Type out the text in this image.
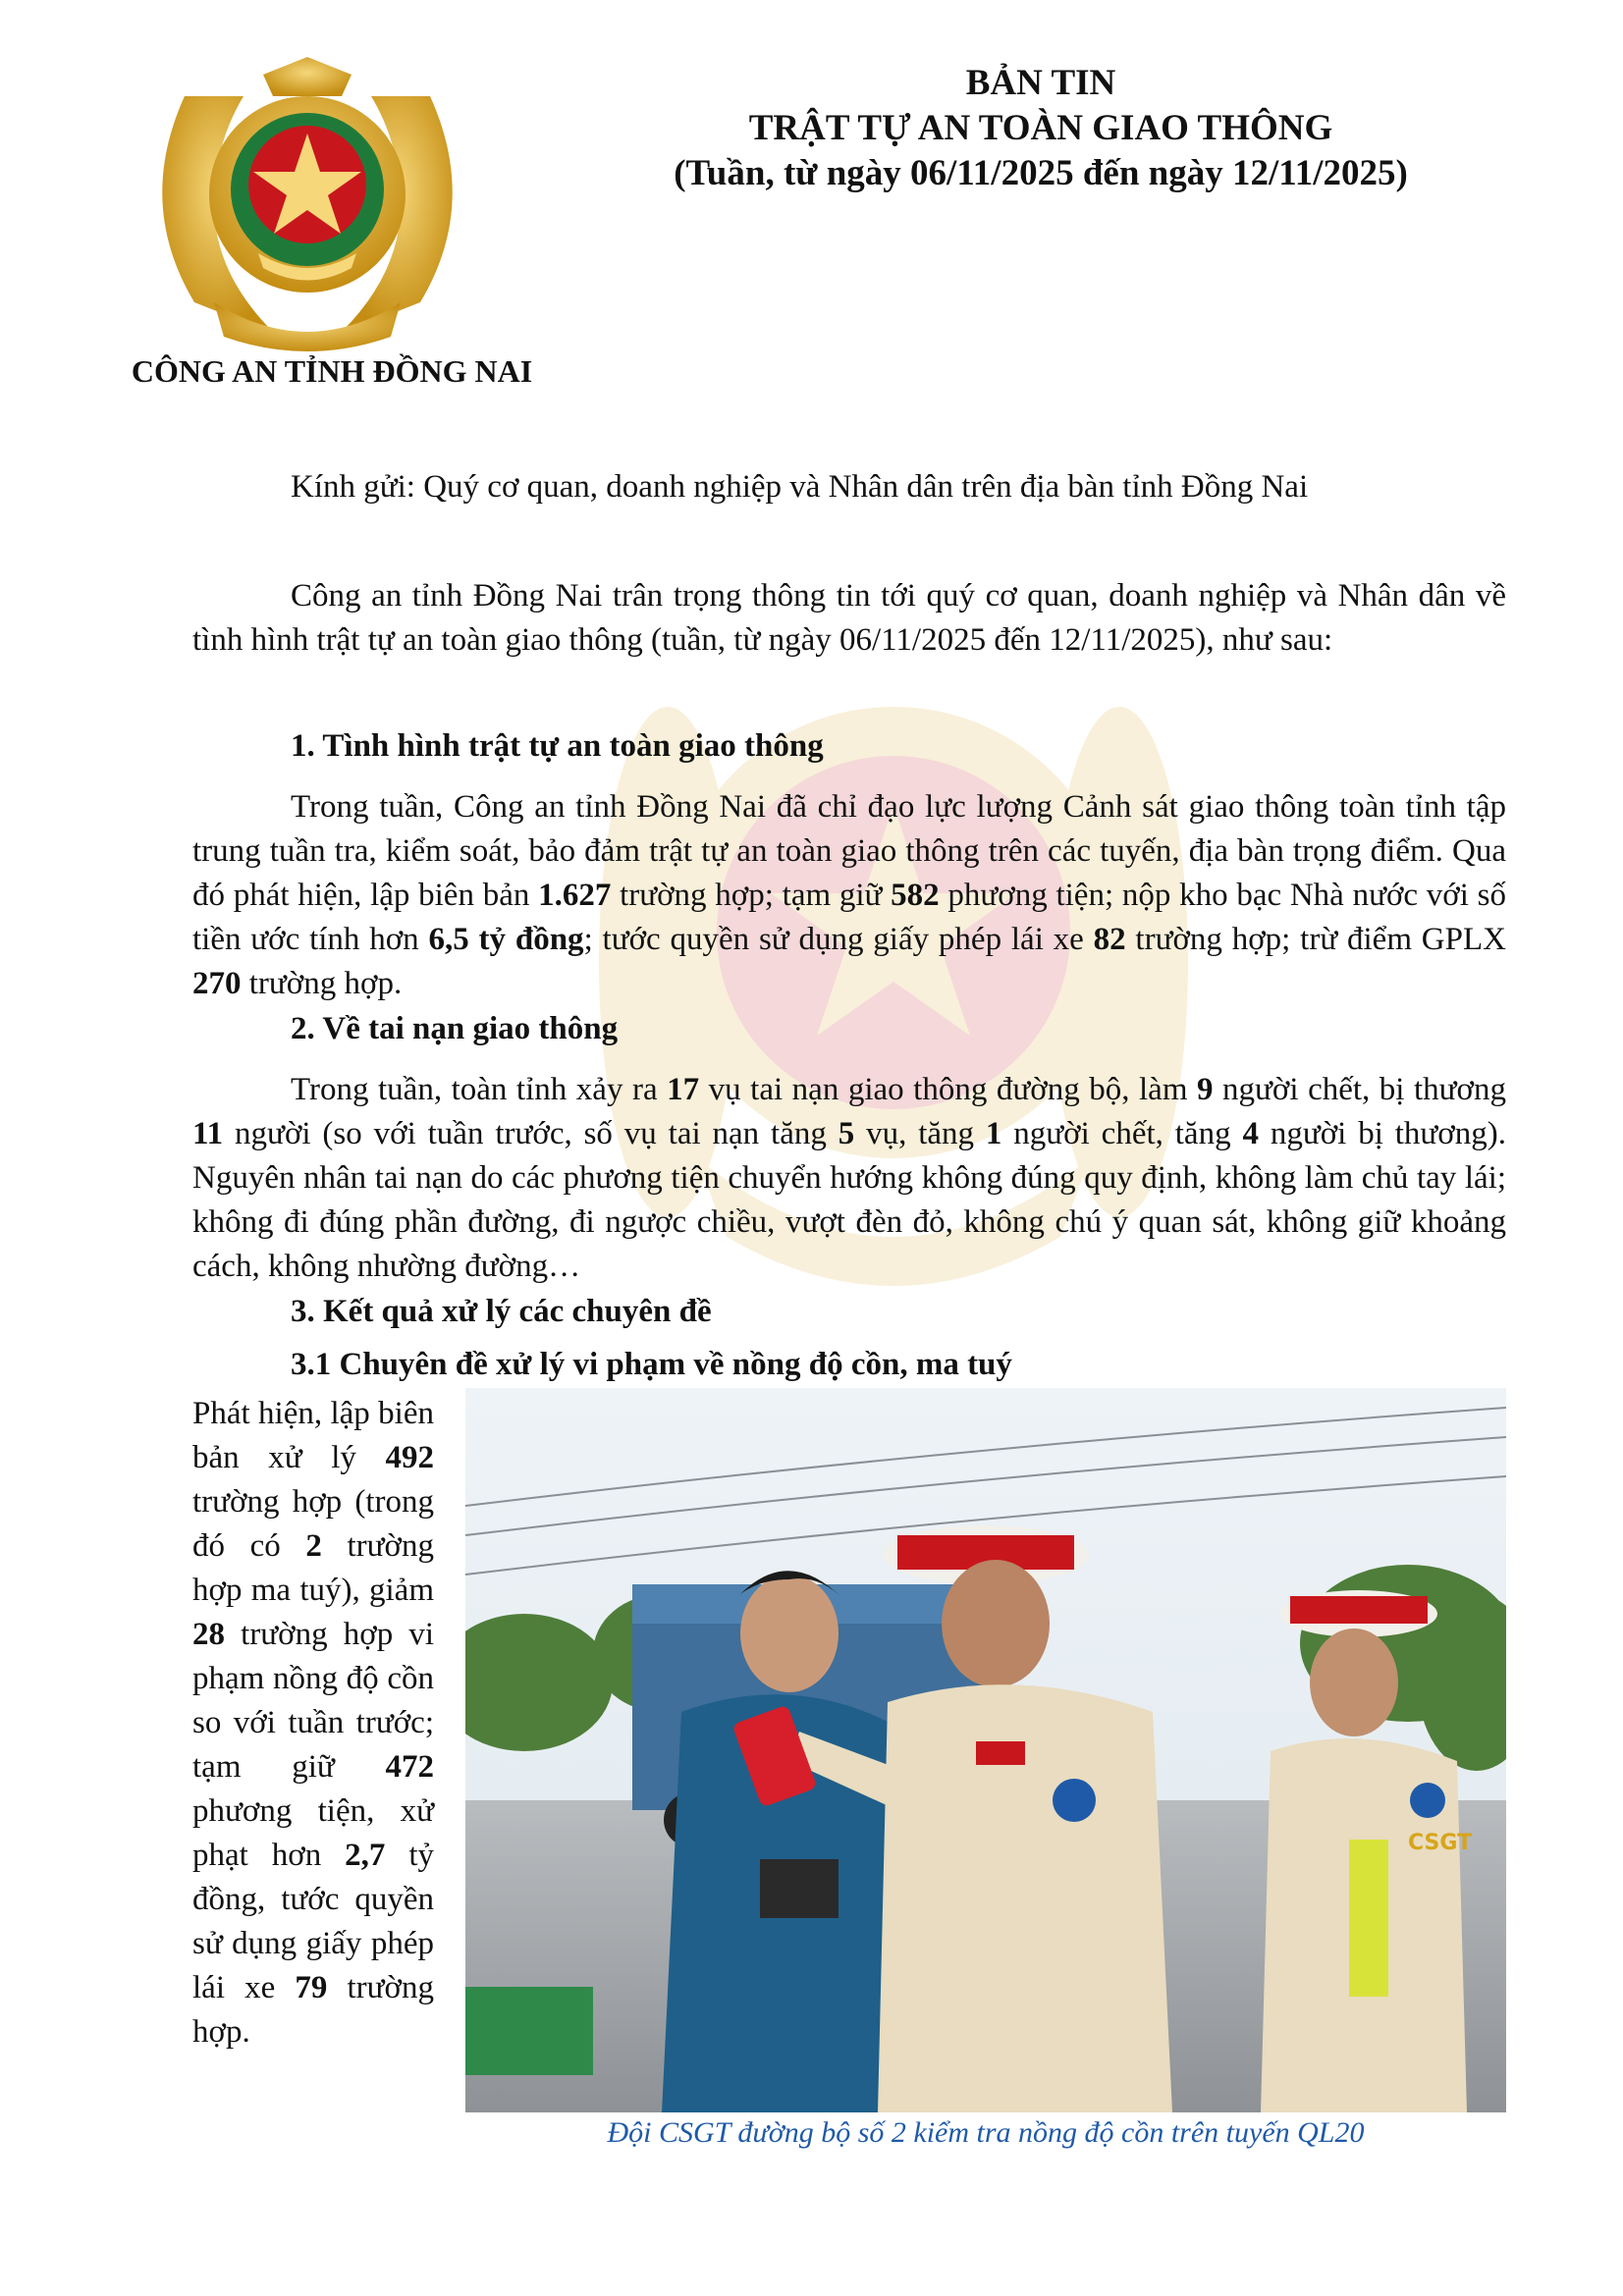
CÔNG AN TỈNH ĐỒNG NAI
BẢN TIN
TRẬT TỰ AN TOÀN GIAO THÔNG
(Tuần, từ ngày 06/11/2025 đến ngày 12/11/2025)
Kính gửi: Quý cơ quan, doanh nghiệp và Nhân dân trên địa bàn tỉnh Đồng Nai

Công an tỉnh Đồng Nai trân trọng thông tin tới quý cơ quan, doanh nghiệp và Nhân dân về tình hình trật tự an toàn giao thông (tuần, từ ngày 06/11/2025 đến 12/11/2025), như sau:

1. Tình hình trật tự an toàn giao thông

Trong tuần, Công an tỉnh Đồng Nai đã chỉ đạo lực lượng Cảnh sát giao thông toàn tỉnh tập trung tuần tra, kiểm soát, bảo đảm trật tự an toàn giao thông trên các tuyến, địa bàn trọng điểm. Qua đó phát hiện, lập biên bản 1.627 trường hợp; tạm giữ 582 phương tiện; nộp kho bạc Nhà nước với số tiền ước tính hơn 6,5 tỷ đồng; tước quyền sử dụng giấy phép lái xe 82 trường hợp; trừ điểm GPLX 270 trường hợp.

2. Về tai nạn giao thông

Trong tuần, toàn tỉnh xảy ra 17 vụ tai nạn giao thông đường bộ, làm 9 người chết, bị thương 11 người (so với tuần trước, số vụ tai nạn tăng 5 vụ, tăng 1 người chết, tăng 4 người bị thương). Nguyên nhân tai nạn do các phương tiện chuyển hướng không đúng quy định, không làm chủ tay lái; không đi đúng phần đường, đi ngược chiều, vượt đèn đỏ, không chú ý quan sát, không giữ khoảng cách, không nhường đường…

3. Kết quả xử lý các chuyên đề
3.1 Chuyên đề xử lý vi phạm về nồng độ cồn, ma tuý

Phát hiện, lập biên bản xử lý 492 trường hợp (trong đó có 2 trường hợp ma tuý), giảm 28 trường hợp vi phạm nồng độ cồn so với tuần trước; tạm giữ 472 phương tiện, xử phạt hơn 2,7 tỷ đồng, tước quyền sử dụng giấy phép lái xe 79 trường hợp.

CSGT
Đội CSGT đường bộ số 2 kiểm tra nồng độ cồn trên tuyến QL20
